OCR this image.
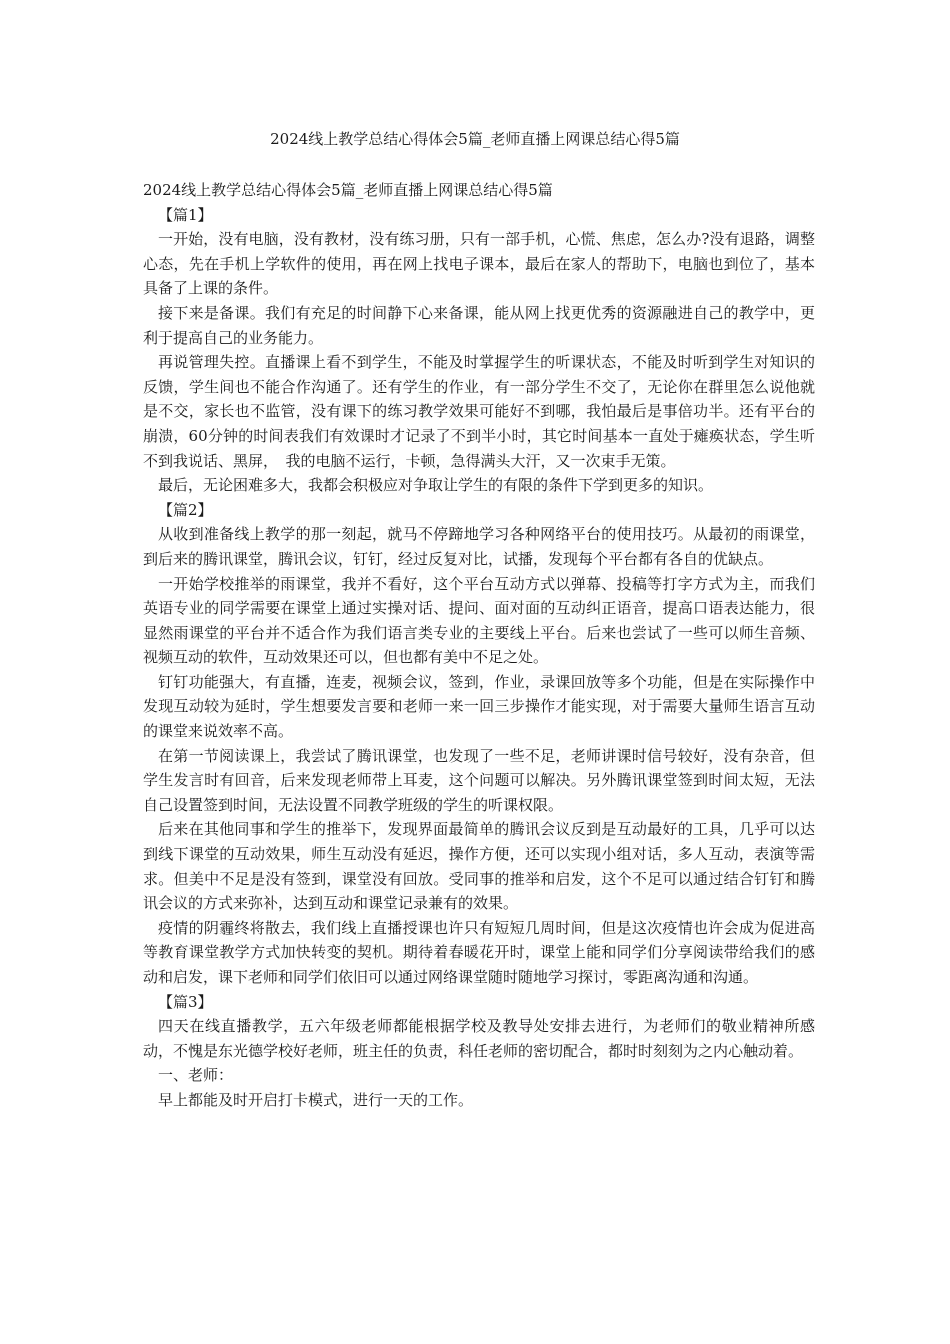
2024线上教学总结心得体会5篇_老师直播上网课总结心得5篇

2024线上教学总结心得体会5篇_老师直播上网课总结心得5篇

【篇1】

一开始，没有电脑，没有教材，没有练习册，只有一部手机，心慌、焦虑，怎么办?没有退路，调整心态，先在手机上学软件的使用，再在网上找电子课本，最后在家人的帮助下，电脑也到位了，基本具备了上课的条件。

接下来是备课。我们有充足的时间静下心来备课，能从网上找更优秀的资源融进自己的教学中，更利于提高自己的业务能力。

再说管理失控。直播课上看不到学生，不能及时掌握学生的听课状态，不能及时听到学生对知识的反馈，学生间也不能合作沟通了。还有学生的作业，有一部分学生不交了，无论你在群里怎么说他就是不交，家长也不监管，没有课下的练习教学效果可能好不到哪，我怕最后是事倍功半。还有平台的崩溃，60分钟的时间表我们有效课时才记录了不到半小时，其它时间基本一直处于瘫痪状态，学生听不到我说话、黑屏，　我的电脑不运行，卡顿，急得满头大汗，又一次束手无策。

最后，无论困难多大，我都会积极应对争取让学生的有限的条件下学到更多的知识。

【篇2】

从收到准备线上教学的那一刻起，就马不停蹄地学习各种网络平台的使用技巧。从最初的雨课堂，到后来的腾讯课堂，腾讯会议，钉钉，经过反复对比，试播，发现每个平台都有各自的优缺点。

一开始学校推举的雨课堂，我并不看好，这个平台互动方式以弹幕、投稿等打字方式为主，而我们英语专业的同学需要在课堂上通过实操对话、提问、面对面的互动纠正语音，提高口语表达能力，很显然雨课堂的平台并不适合作为我们语言类专业的主要线上平台。后来也尝试了一些可以师生音频、视频互动的软件，互动效果还可以，但也都有美中不足之处。

钉钉功能强大，有直播，连麦，视频会议，签到，作业，录课回放等多个功能，但是在实际操作中发现互动较为延时，学生想要发言要和老师一来一回三步操作才能实现，对于需要大量师生语言互动的课堂来说效率不高。

在第一节阅读课上，我尝试了腾讯课堂，也发现了一些不足，老师讲课时信号较好，没有杂音，但学生发言时有回音，后来发现老师带上耳麦，这个问题可以解决。另外腾讯课堂签到时间太短，无法自己设置签到时间，无法设置不同教学班级的学生的听课权限。

后来在其他同事和学生的推举下，发现界面最简单的腾讯会议反到是互动最好的工具，几乎可以达到线下课堂的互动效果，师生互动没有延迟，操作方便，还可以实现小组对话，多人互动，表演等需求。但美中不足是没有签到，课堂没有回放。受同事的推举和启发，这个不足可以通过结合钉钉和腾讯会议的方式来弥补，达到互动和课堂记录兼有的效果。

疫情的阴霾终将散去，我们线上直播授课也许只有短短几周时间，但是这次疫情也许会成为促进高等教育课堂教学方式加快转变的契机。期待着春暖花开时，课堂上能和同学们分享阅读带给我们的感动和启发，课下老师和同学们依旧可以通过网络课堂随时随地学习探讨，零距离沟通和沟通。

【篇3】

四天在线直播教学，五六年级老师都能根据学校及教导处安排去进行，为老师们的敬业精神所感动，不愧是东光德学校好老师，班主任的负责，科任老师的密切配合，都时时刻刻为之内心触动着。

一、老师：

早上都能及时开启打卡模式，进行一天的工作。
